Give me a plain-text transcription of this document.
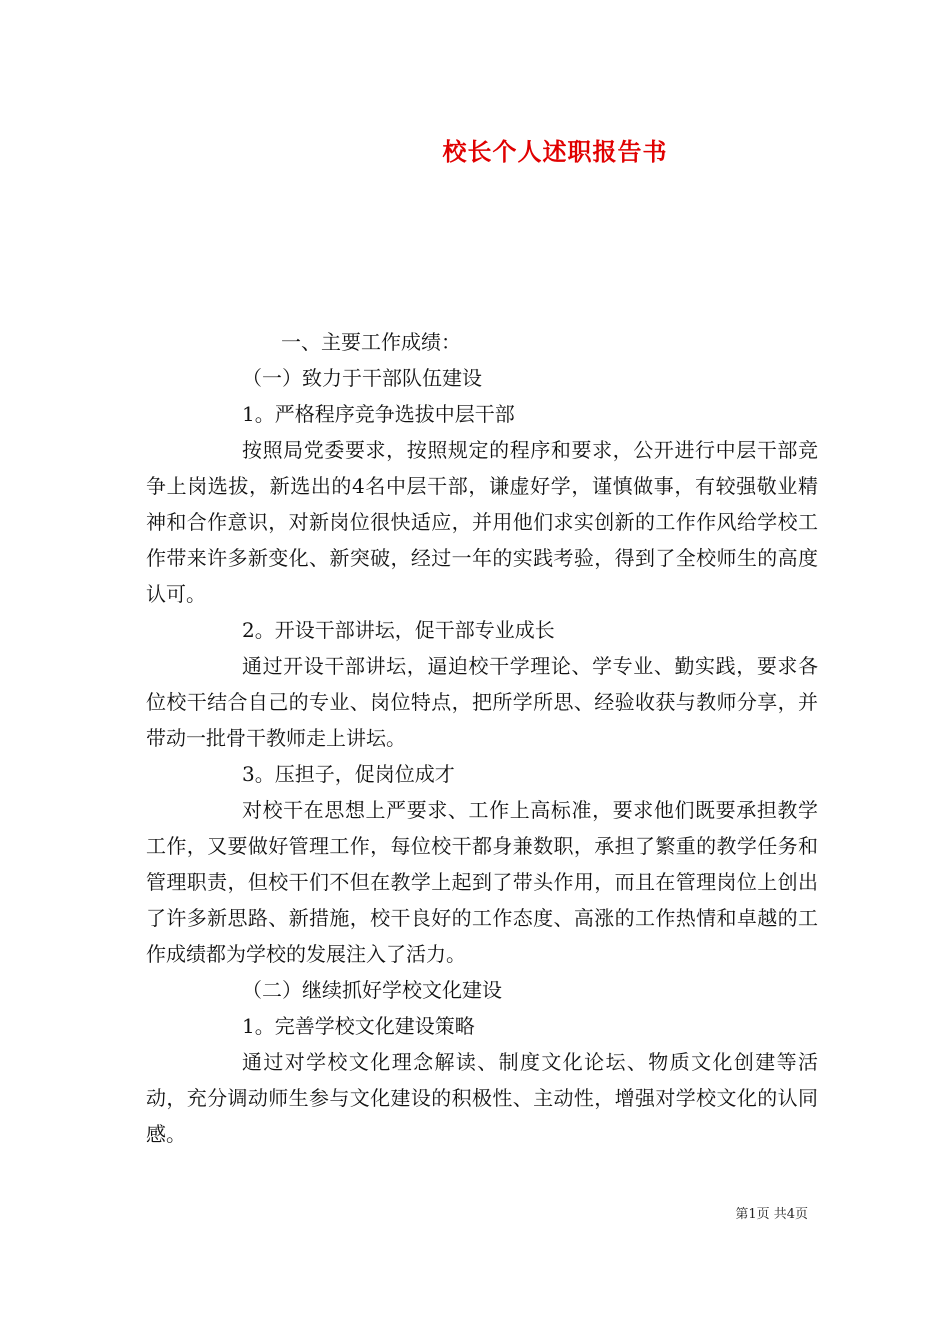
校长个人述职报告书

一、主要工作成绩：

（一）致力于干部队伍建设

1。严格程序竞争选拔中层干部

按照局党委要求，按照规定的程序和要求，公开进行中层干部竞争上岗选拔，新选出的4名中层干部，谦虚好学，谨慎做事，有较强敬业精神和合作意识，对新岗位很快适应，并用他们求实创新的工作作风给学校工作带来许多新变化、新突破，经过一年的实践考验，得到了全校师生的高度认可。

2。开设干部讲坛，促干部专业成长

通过开设干部讲坛，逼迫校干学理论、学专业、勤实践，要求各位校干结合自己的专业、岗位特点，把所学所思、经验收获与教师分享，并带动一批骨干教师走上讲坛。

3。压担子，促岗位成才

对校干在思想上严要求、工作上高标准，要求他们既要承担教学工作，又要做好管理工作，每位校干都身兼数职，承担了繁重的教学任务和管理职责，但校干们不但在教学上起到了带头作用，而且在管理岗位上创出了许多新思路、新措施，校干良好的工作态度、高涨的工作热情和卓越的工作成绩都为学校的发展注入了活力。

（二）继续抓好学校文化建设

1。完善学校文化建设策略

通过对学校文化理念解读、制度文化论坛、物质文化创建等活动，充分调动师生参与文化建设的积极性、主动性，增强对学校文化的认同感。

第1页 共4页
